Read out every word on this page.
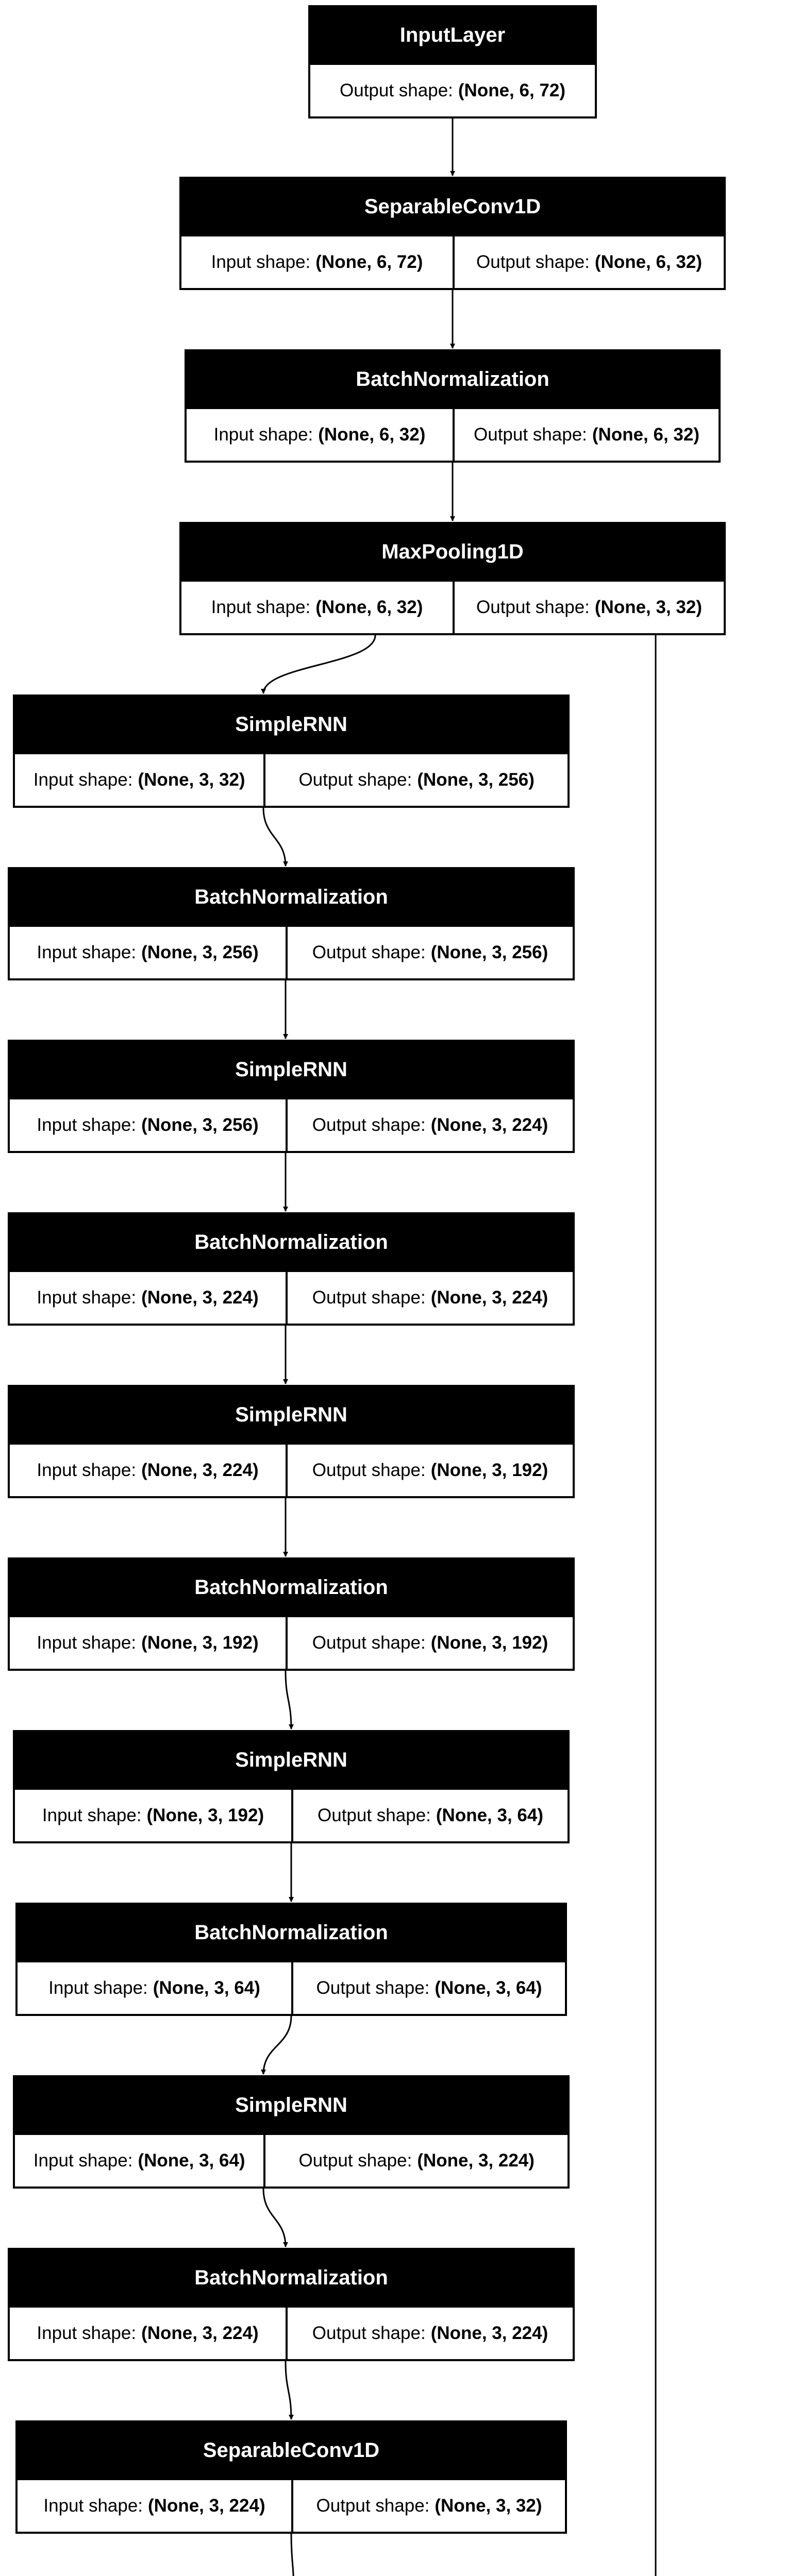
InputLayer
Output shape: (None, 6, 72)
SeparableConv1D
Input shape: (None, 6, 72)	Output shape: (None, 6, 32)
BatchNormalization
Input shape: (None, 6, 32)	Output shape: (None, 6, 32)
MaxPooling1D
Input shape: (None, 6, 32)	Output shape: (None, 3, 32)
SimpleRNN
Input shape: (None, 3, 32)	Output shape: (None, 3, 256)
BatchNormalization
Input shape: (None, 3, 256)	Output shape: (None, 3, 256)
SimpleRNN
Input shape: (None, 3, 256)	Output shape: (None, 3, 224)
BatchNormalization
Input shape: (None, 3, 224)	Output shape: (None, 3, 224)
SimpleRNN
Input shape: (None, 3, 224)	Output shape: (None, 3, 192)
BatchNormalization
Input shape: (None, 3, 192)	Output shape: (None, 3, 192)
SimpleRNN
Input shape: (None, 3, 192)	Output shape: (None, 3, 64)
BatchNormalization
Input shape: (None, 3, 64)	Output shape: (None, 3, 64)
SimpleRNN
Input shape: (None, 3, 64)	Output shape: (None, 3, 224)
BatchNormalization
Input shape: (None, 3, 224)	Output shape: (None, 3, 224)
SeparableConv1D
Input shape: (None, 3, 224)	Output shape: (None, 3, 32)
